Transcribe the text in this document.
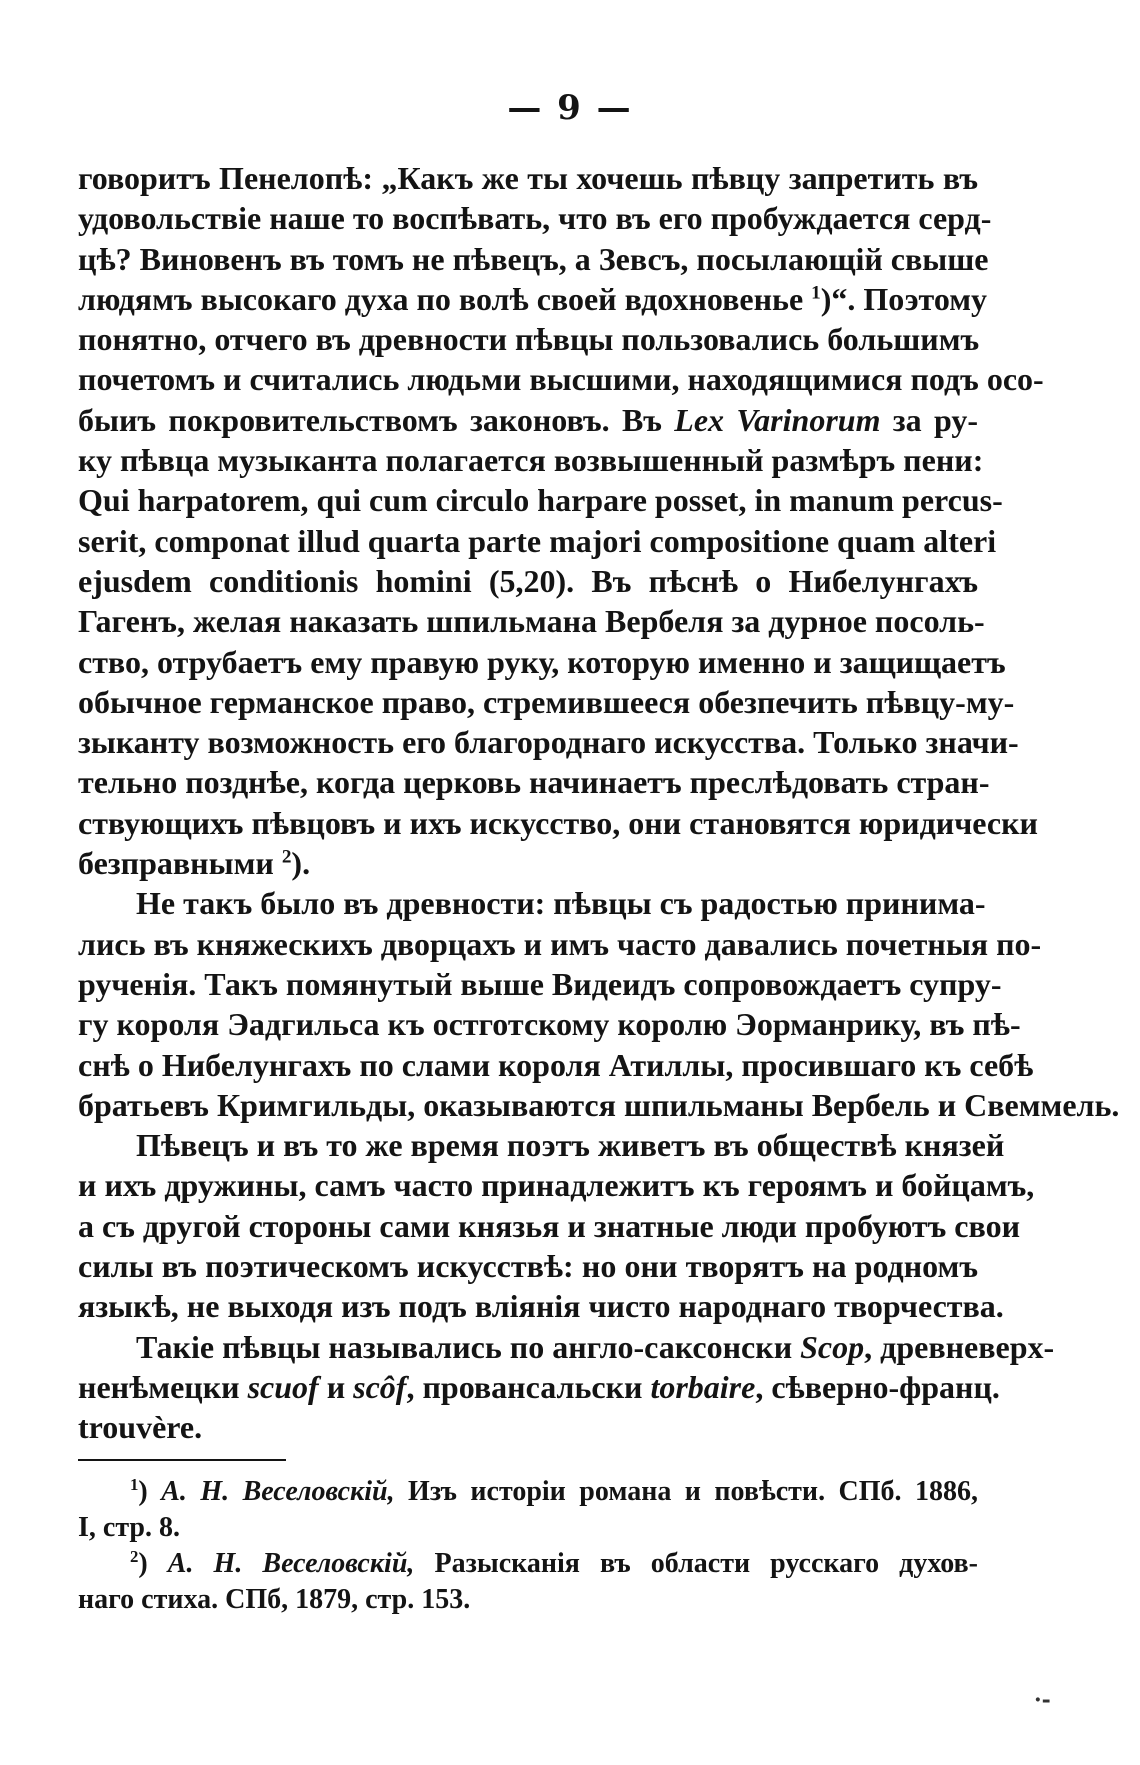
— 9 —
говоритъ Пенелопѣ: „Какъ же ты хочешь пѣвцу запретить въ
удовольствіе наше то воспѣвать, что въ его пробуждается серд-
цѣ? Виновенъ въ томъ не пѣвецъ, а Зевсъ, посылающій свыше
людямъ высокаго духа по волѣ своей вдохновенье $^1$)“. Поэтому
понятно, отчего въ древности пѣвцы пользовались большимъ
почетомъ и считались людьми высшими, находящимися подъ осо-
быиъ покровительствомъ законовъ. Въ Lex Varinorum за ру-
ку пѣвца музыканта полагается возвышенный размѣръ пени:
Qui harpatorem, qui cum circulo harpare posset, in manum percus-
serit, componat illud quarta parte majori compositione quam alteri
ejusdem conditionis homini (5,20). Въ пѣснѣ о Нибелунгахъ
Гагенъ, желая наказать шпильмана Вербеля за дурное посоль-
ство, отрубаетъ ему правую руку, которую именно и защищаетъ
обычное германское право, стремившееся обезпечить пѣвцу-му-
зыканту возможность его благороднаго искусства. Только значи-
тельно позднѣе, когда церковь начинаетъ преслѣдовать стран-
ствующихъ пѣвцовъ и ихъ искусство, они становятся юридически
безправными $^2$).
Не такъ было въ древности: пѣвцы съ радостью принима-
лись въ княжескихъ дворцахъ и имъ часто давались почетныя по-
рученія. Такъ помянутый выше Видеидъ сопровождаетъ супру-
гу короля Эадгильса къ остготскому королю Эорманрику, въ пѣ-
снѣ о Нибелунгахъ по слами короля Атиллы, просившаго къ себѣ
братьевъ Кримгильды, оказываются шпильманы Вербель и Свеммель.
Пѣвецъ и въ то же время поэтъ живетъ въ обществѣ князей
и ихъ дружины, самъ часто принадлежитъ къ героямъ и бойцамъ,
а съ другой стороны сами князья и знатные люди пробуютъ свои
силы въ поэтическомъ искусствѣ: но они творятъ на родномъ
языкѣ, не выходя изъ подъ вліянія чисто народнаго творчества.
Такіе пѣвцы назывались по англо-саксонски Scop, древневерх-
ненѣмецки scuof и scôf, провансальски torbaire, сѣверно-франц.
trouvère.
$^1$) А. Н. Веселовскій, Изъ исторіи романа и повѣсти. СПб. 1886,
I, стр. 8.
$^2$) А. Н. Веселовскій, Разысканія въ области русскаго духов-
наго стиха. СПб, 1879, стр. 153.
·‑
